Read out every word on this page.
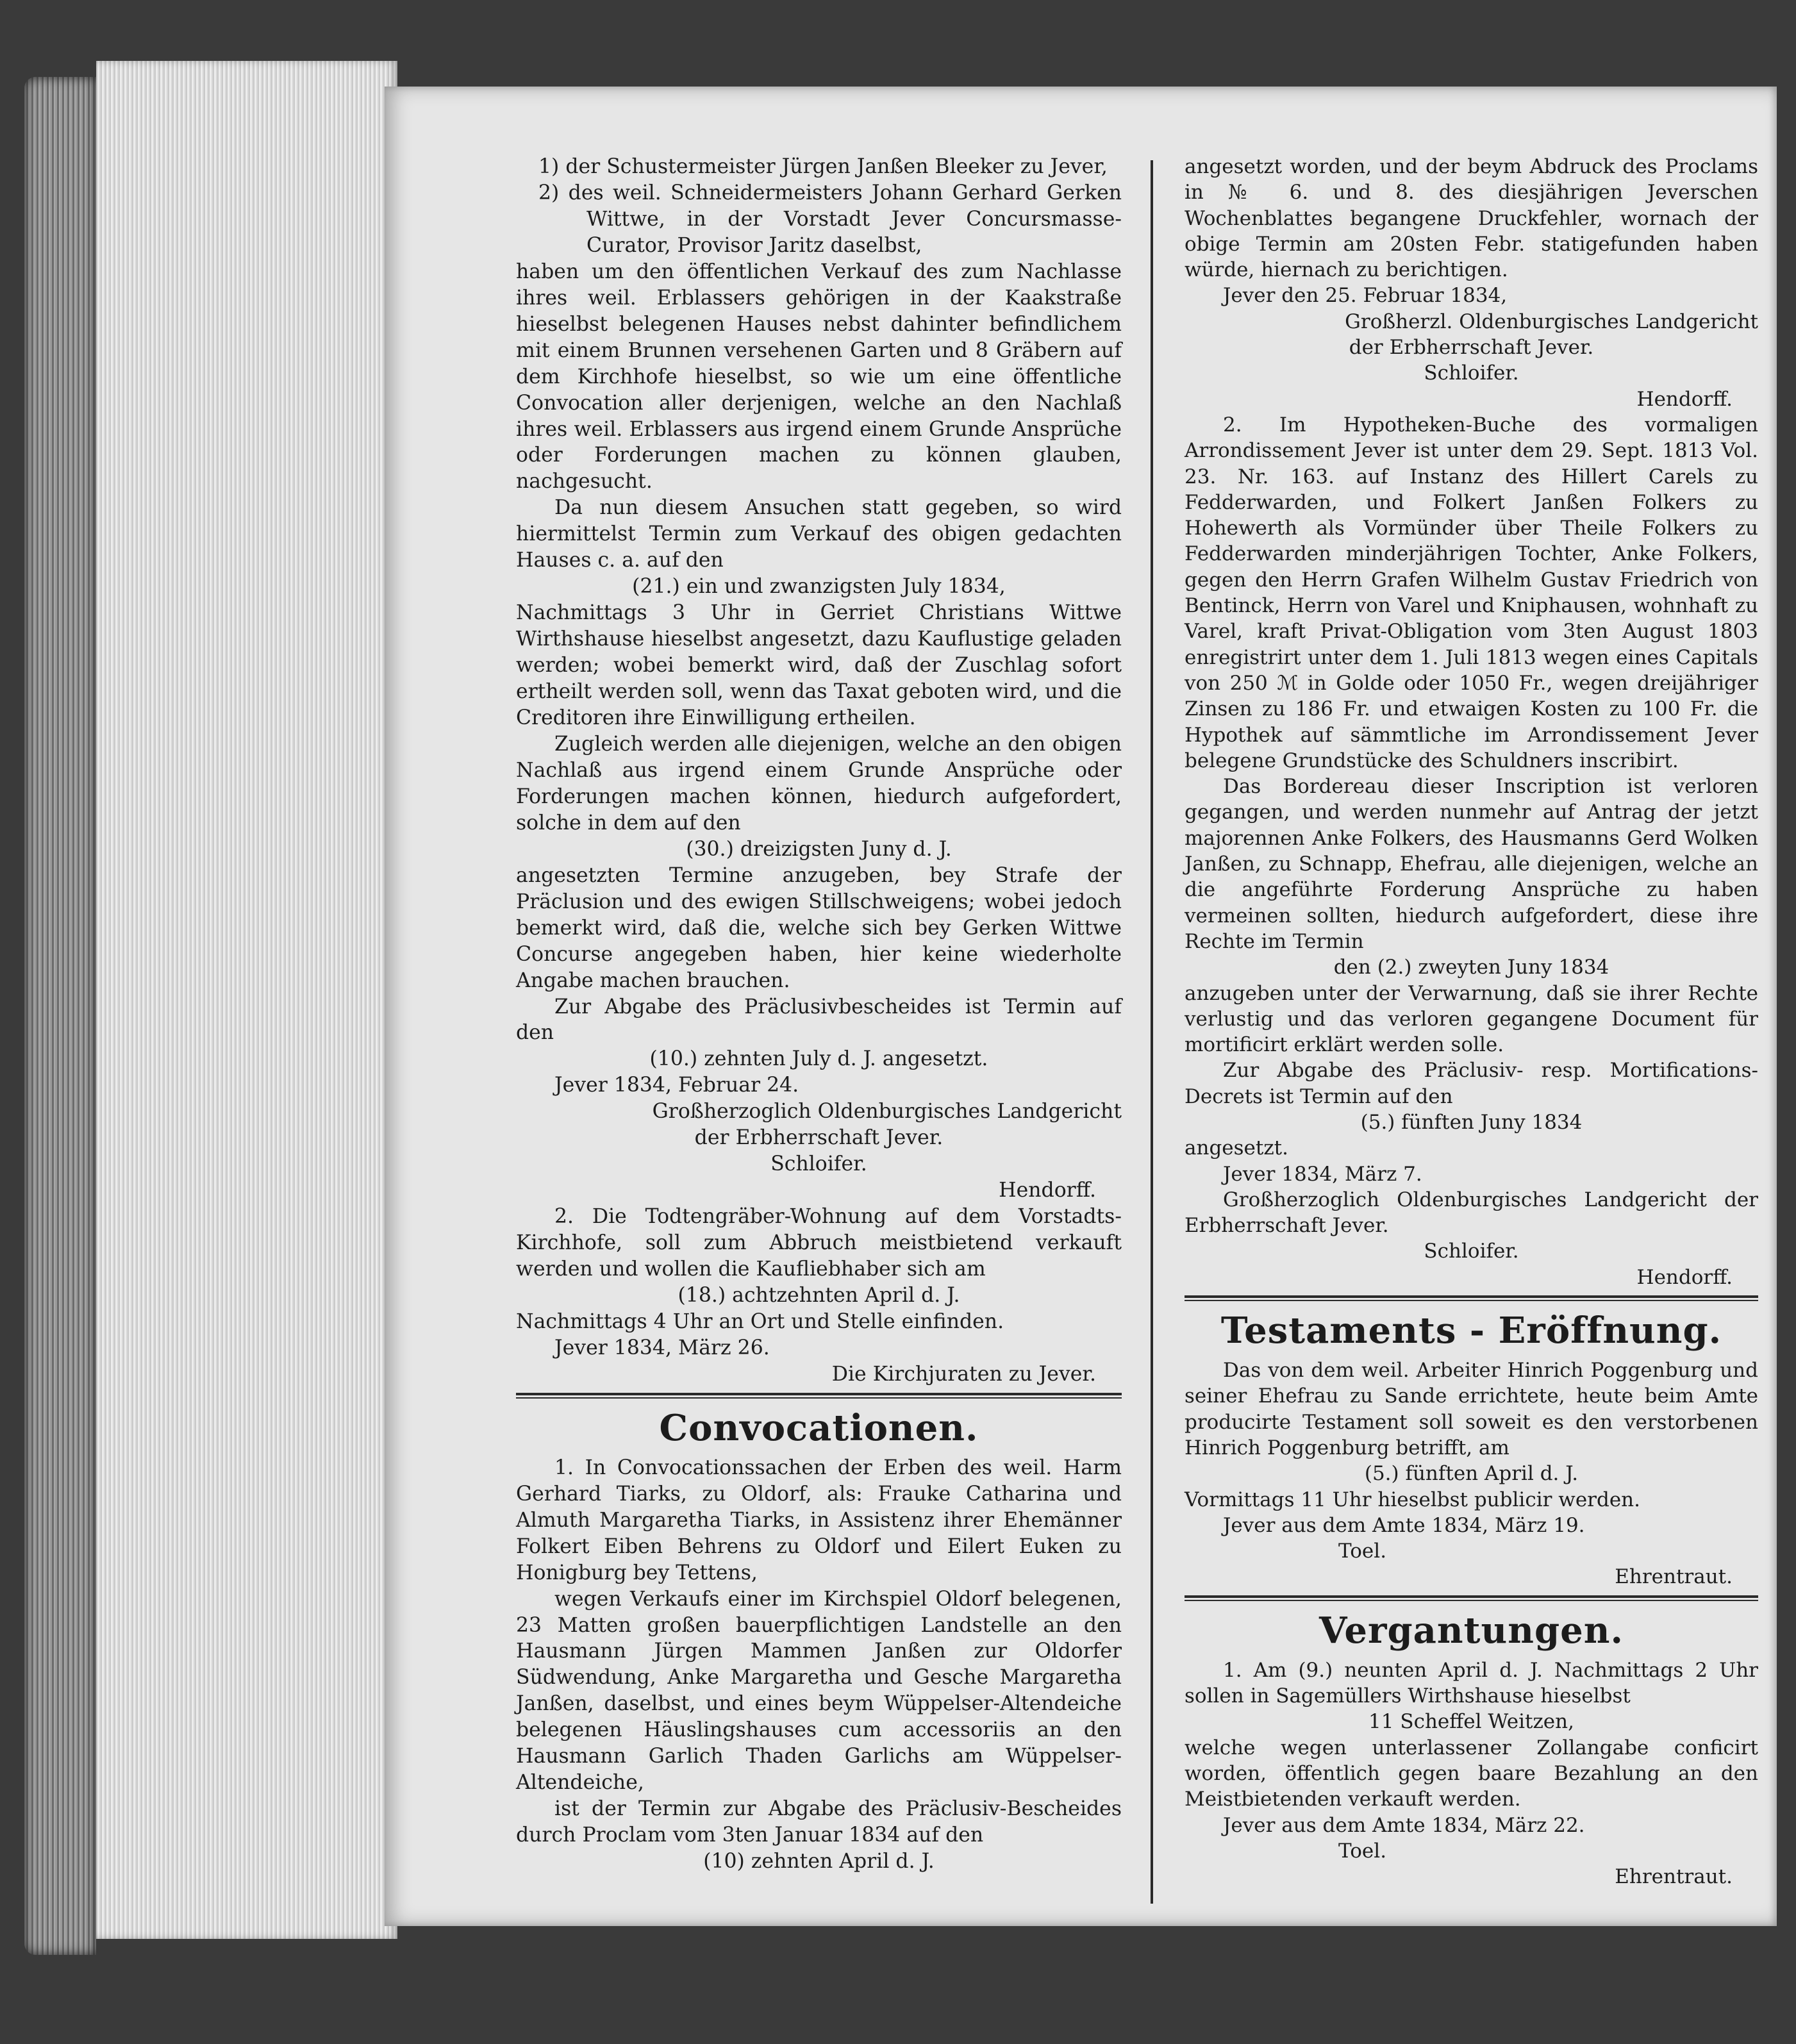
1) der Schustermeister Jürgen Janßen Bleeker zu Jever,

2) des weil. Schneidermeisters Johann Gerhard Gerken Wittwe, in der Vorstadt Jever Concursmasse-Curator, Provisor Jaritz daselbst,

haben um den öffentlichen Verkauf des zum Nachlasse ihres weil. Erblassers gehörigen in der Kaakstraße hieselbst belegenen Hauses nebst dahinter befindlichem mit einem Brunnen versehenen Garten und 8 Gräbern auf dem Kirchhofe hieselbst, so wie um eine öffentliche Convocation aller derjenigen, welche an den Nachlaß ihres weil. Erblassers aus irgend einem Grunde Ansprüche oder Forderungen machen zu können glauben, nachgesucht.

Da nun diesem Ansuchen statt gegeben, so wird hiermittelst Termin zum Verkauf des obigen gedachten Hauses c. a. auf den

(21.) ein und zwanzigsten July 1834,

Nachmittags 3 Uhr in Gerriet Christians Wittwe Wirthshause hieselbst angesetzt, dazu Kauflustige geladen werden; wobei bemerkt wird, daß der Zuschlag sofort ertheilt werden soll, wenn das Taxat geboten wird, und die Creditoren ihre Einwilligung ertheilen.

Zugleich werden alle diejenigen, welche an den obigen Nachlaß aus irgend einem Grunde Ansprüche oder Forderungen machen können, hiedurch aufgefordert, solche in dem auf den

(30.) dreizigsten Juny d. J.

angesetzten Termine anzugeben, bey Strafe der Präclusion und des ewigen Stillschweigens; wobei jedoch bemerkt wird, daß die, welche sich bey Gerken Wittwe Concurse angegeben haben, hier keine wiederholte Angabe machen brauchen.

Zur Abgabe des Präclusivbescheides ist Termin auf den

(10.) zehnten July d. J. angesetzt.

Jever 1834, Februar 24.

Großherzoglich Oldenburgisches Landgericht

der Erbherrschaft Jever.

Schloifer.

Hendorff.

2. Die Todtengräber-Wohnung auf dem Vorstadts-Kirchhofe, soll zum Abbruch meistbietend verkauft werden und wollen die Kaufliebhaber sich am

(18.) achtzehnten April d. J.

Nachmittags 4 Uhr an Ort und Stelle einfinden.

Jever 1834, März 26.

Die Kirchjuraten zu Jever.

Convocationen.

1. In Convocationssachen der Erben des weil. Harm Gerhard Tiarks, zu Oldorf, als: Frauke Catharina und Almuth Margaretha Tiarks, in Assistenz ihrer Ehemänner Folkert Eiben Behrens zu Oldorf und Eilert Euken zu Honigburg bey Tettens,

wegen Verkaufs einer im Kirchspiel Oldorf belegenen, 23 Matten großen bauerpflichtigen Landstelle an den Hausmann Jürgen Mammen Janßen zur Oldorfer Südwendung, Anke Margaretha und Gesche Margaretha Janßen, daselbst, und eines beym Wüppelser-Altendeiche belegenen Häuslingshauses cum accessoriis an den Hausmann Garlich Thaden Garlichs am Wüppelser-Altendeiche,

ist der Termin zur Abgabe des Präclusiv-Bescheides durch Proclam vom 3ten Januar 1834 auf den

(10) zehnten April d. J.

angesetzt worden, und der beym Abdruck des Proclams in № 6. und 8. des diesjährigen Jeverschen Wochenblattes begangene Druckfehler, wornach der obige Termin am 20sten Febr. statigefunden haben würde, hiernach zu berichtigen.

Jever den 25. Februar 1834,

Großherzl. Oldenburgisches Landgericht

der Erbherrschaft Jever.

Schloifer.

Hendorff.

2. Im Hypotheken-Buche des vormaligen Arrondissement Jever ist unter dem 29. Sept. 1813 Vol. 23. Nr. 163. auf Instanz des Hillert Carels zu Fedderwarden, und Folkert Janßen Folkers zu Hohewerth als Vormünder über Theile Folkers zu Fedderwarden minderjährigen Tochter, Anke Folkers, gegen den Herrn Grafen Wilhelm Gustav Friedrich von Bentinck, Herrn von Varel und Kniphausen, wohnhaft zu Varel, kraft Privat-Obligation vom 3ten August 1803 enregistrirt unter dem 1. Juli 1813 wegen eines Capitals von 250 ℳ in Golde oder 1050 Fr., wegen dreijähriger Zinsen zu 186 Fr. und etwaigen Kosten zu 100 Fr. die Hypothek auf sämmtliche im Arrondissement Jever belegene Grundstücke des Schuldners inscribirt.

Das Bordereau dieser Inscription ist verloren gegangen, und werden nunmehr auf Antrag der jetzt majorennen Anke Folkers, des Hausmanns Gerd Wolken Janßen, zu Schnapp, Ehefrau, alle diejenigen, welche an die angeführte Forderung Ansprüche zu haben vermeinen sollten, hiedurch aufgefordert, diese ihre Rechte im Termin

den (2.) zweyten Juny 1834

anzugeben unter der Verwarnung, daß sie ihrer Rechte verlustig und das verloren gegangene Document für mortificirt erklärt werden solle.

Zur Abgabe des Präclusiv- resp. Mortifications-Decrets ist Termin auf den

(5.) fünften Juny 1834

angesetzt.

Jever 1834, März 7.

Großherzoglich Oldenburgisches Landgericht der Erbherrschaft Jever.

Schloifer.

Hendorff.

Testaments - Eröffnung.

Das von dem weil. Arbeiter Hinrich Poggenburg und seiner Ehefrau zu Sande errichtete, heute beim Amte producirte Testament soll soweit es den verstorbenen Hinrich Poggenburg betrifft, am

(5.) fünften April d. J.

Vormittags 11 Uhr hieselbst publicir werden.

Jever aus dem Amte 1834, März 19.

Toel.

Ehrentraut.

Vergantungen.

1. Am (9.) neunten April d. J. Nachmittags 2 Uhr sollen in Sagemüllers Wirthshause hieselbst

11 Scheffel Weitzen,

welche wegen unterlassener Zollangabe conficirt worden, öffentlich gegen baare Bezahlung an den Meistbietenden verkauft werden.

Jever aus dem Amte 1834, März 22.

Toel.

Ehrentraut.
